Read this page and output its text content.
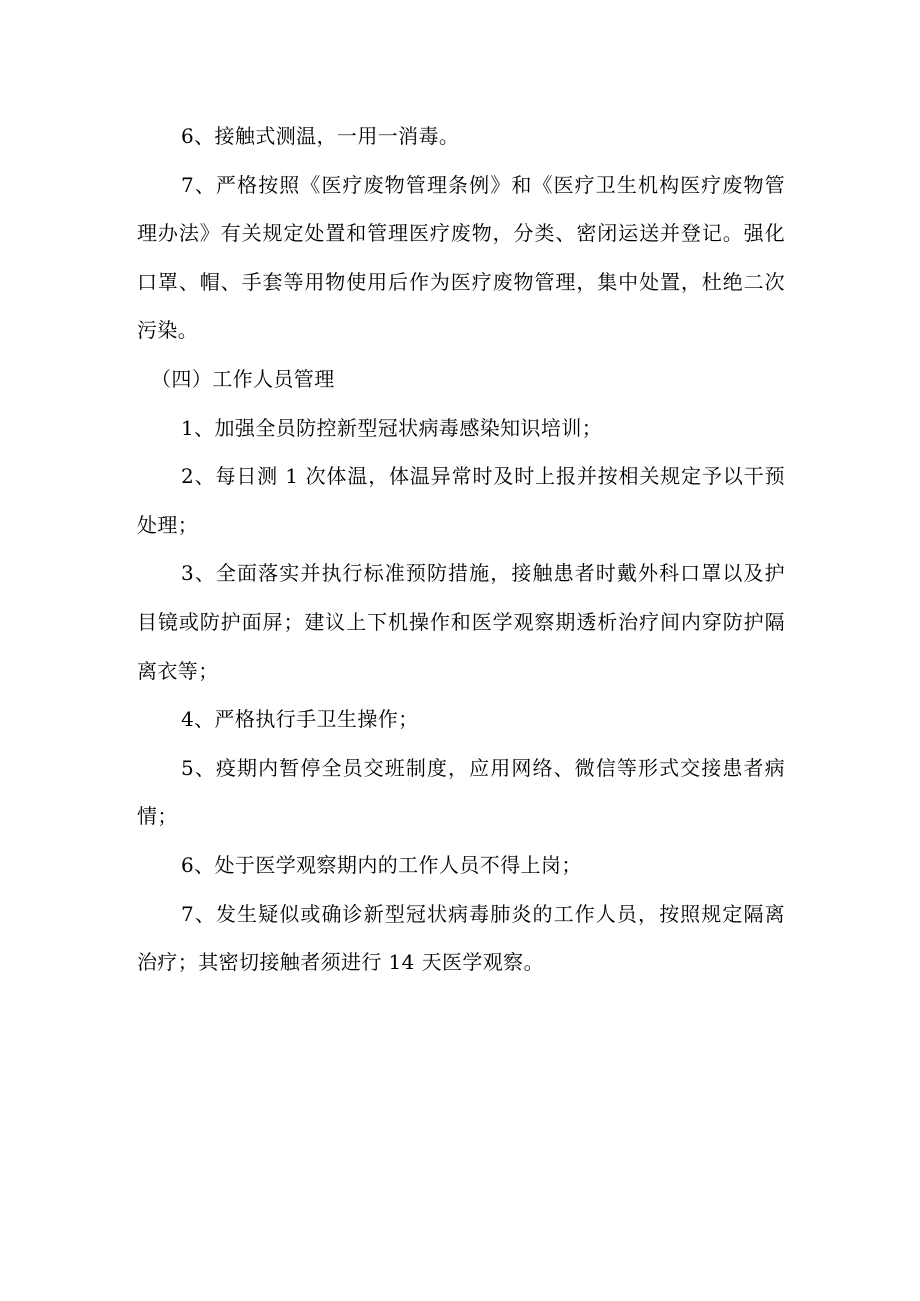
6、接触式测温，一用一消毒。

7、严格按照《医疗废物管理条例》和《医疗卫生机构医疗废物管理办法》有关规定处置和管理医疗废物，分类、密闭运送并登记。强化口罩、帽、手套等用物使用后作为医疗废物管理，集中处置，杜绝二次污染。

（四）工作人员管理

1、加强全员防控新型冠状病毒感染知识培训；

2、每日测 1 次体温，体温异常时及时上报并按相关规定予以干预处理；

3、全面落实并执行标准预防措施，接触患者时戴外科口罩以及护目镜或防护面屏；建议上下机操作和医学观察期透析治疗间内穿防护隔离衣等；

4、严格执行手卫生操作；

5、疫期内暂停全员交班制度，应用网络、微信等形式交接患者病情；

6、处于医学观察期内的工作人员不得上岗；

7、发生疑似或确诊新型冠状病毒肺炎的工作人员，按照规定隔离治疗；其密切接触者须进行 14 天医学观察。
